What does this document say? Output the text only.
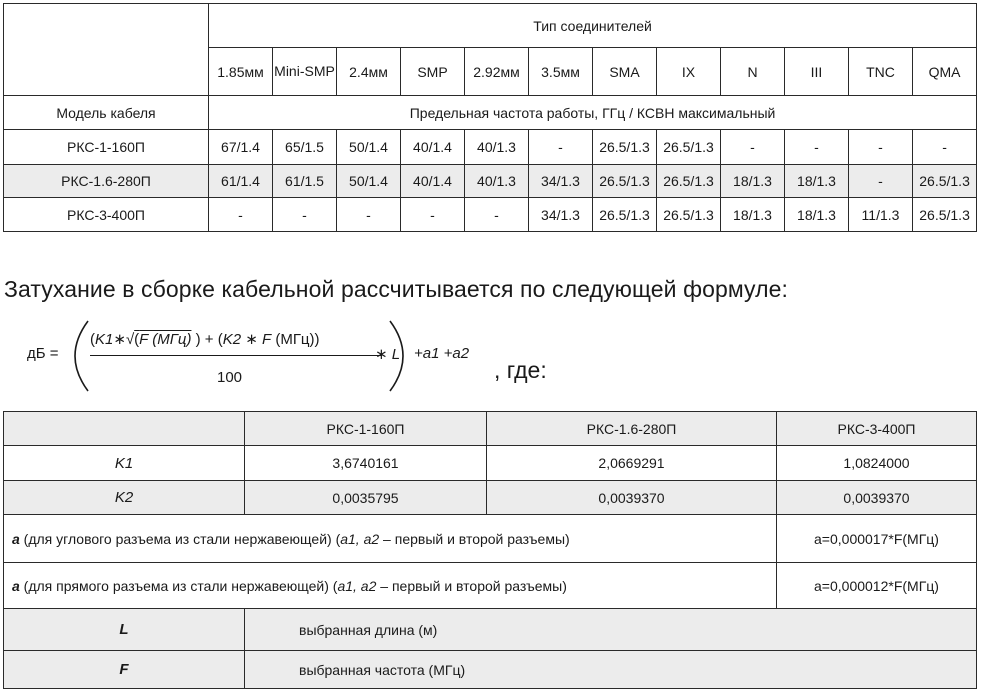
	Тип соединителей											
	1.85мм	Mini-SMP	2.4мм	SMP	2.92мм	3.5мм	SMA	IX	N	III	TNC	QMA
Модель кабеля	Предельная частота работы, ГГц / КСВН максимальный											
РКС-1-160П	67/1.4	65/1.5	50/1.4	40/1.4	40/1.3	-	26.5/1.3	26.5/1.3	-	-	-	-
РКС-1.6-280П	61/1.4	61/1.5	50/1.4	40/1.4	40/1.3	34/1.3	26.5/1.3	26.5/1.3	18/1.3	18/1.3	-	26.5/1.3
РКС-3-400П	-	-	-	-	-	34/1.3	26.5/1.3	26.5/1.3	18/1.3	18/1.3	11/1.3	26.5/1.3
Затухание в сборке кабельной рассчитывается по следующей формуле:
дБ =
(K1∗√(F (МГц) ) + (K2 ∗ F (МГц))
100
∗ L +a1 +a2
, где:
	РКС-1-160П	РКС-1.6-280П	РКС-3-400П
K1	3,6740161	2,0669291	1,0824000
K2	0,0035795	0,0039370	0,0039370
a (для углового разъема из стали нержавеющей) (a1, a2 – первый и второй разъемы)			a=0,000017*F(МГц)
a (для прямого разъема из стали нержавеющей) (a1, a2 – первый и второй разъемы)			a=0,000012*F(МГц)
L	выбранная длина (м)		
F	выбранная частота (МГц)		
